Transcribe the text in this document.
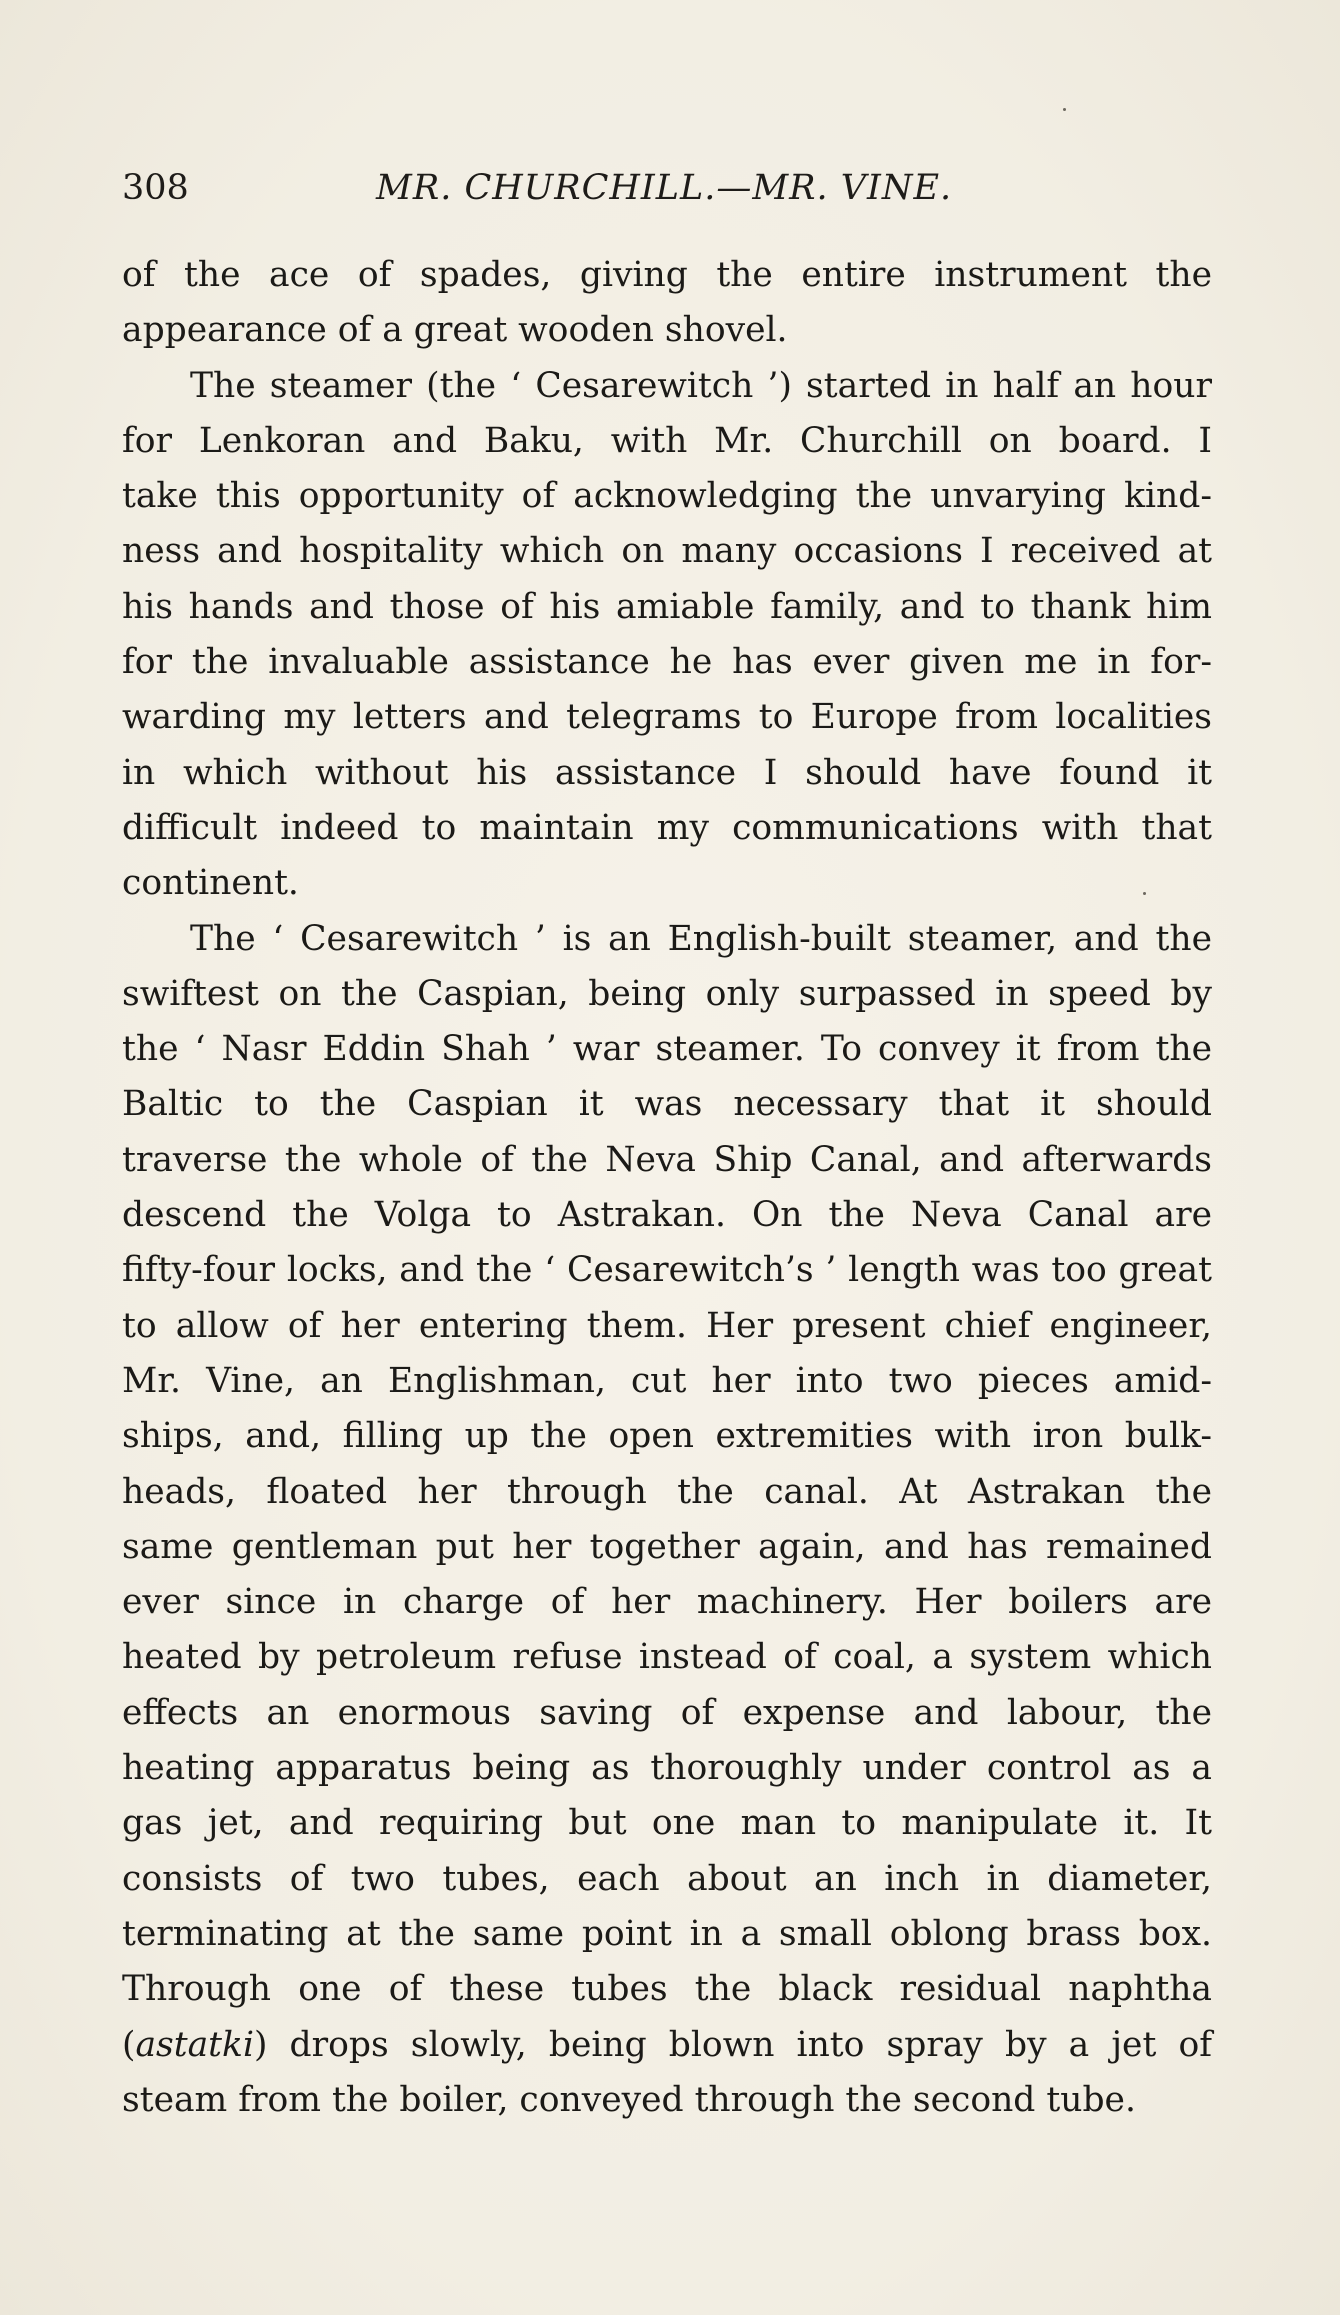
308	MR. CHURCHILL.—MR. VINE.
of the ace of spades, giving the entire instrument the
appearance of a great wooden shovel.
The steamer (the ‘ Cesarewitch ’) started in half an hour
for Lenkoran and Baku, with Mr. Churchill on board. I
take this opportunity of acknowledging the unvarying kind-
ness and hospitality which on many occasions I received at
his hands and those of his amiable family, and to thank him
for the invaluable assistance he has ever given me in for-
warding my letters and telegrams to Europe from localities
in which without his assistance I should have found it
difficult indeed to maintain my communications with that
continent.
The ‘ Cesarewitch ’ is an English-built steamer, and the
swiftest on the Caspian, being only surpassed in speed by
the ‘ Nasr Eddin Shah ’ war steamer. To convey it from the
Baltic to the Caspian it was necessary that it should
traverse the whole of the Neva Ship Canal, and afterwards
descend the Volga to Astrakan. On the Neva Canal are
fifty-four locks, and the ‘ Cesarewitch’s ’ length was too great
to allow of her entering them. Her present chief engineer,
Mr. Vine, an Englishman, cut her into two pieces amid-
ships, and, filling up the open extremities with iron bulk-
heads, floated her through the canal. At Astrakan the
same gentleman put her together again, and has remained
ever since in charge of her machinery. Her boilers are
heated by petroleum refuse instead of coal, a system which
effects an enormous saving of expense and labour, the
heating apparatus being as thoroughly under control as a
gas jet, and requiring but one man to manipulate it. It
consists of two tubes, each about an inch in diameter,
terminating at the same point in a small oblong brass box.
Through one of these tubes the black residual naphtha
(astatki) drops slowly, being blown into spray by a jet of
steam from the boiler, conveyed through the second tube.
